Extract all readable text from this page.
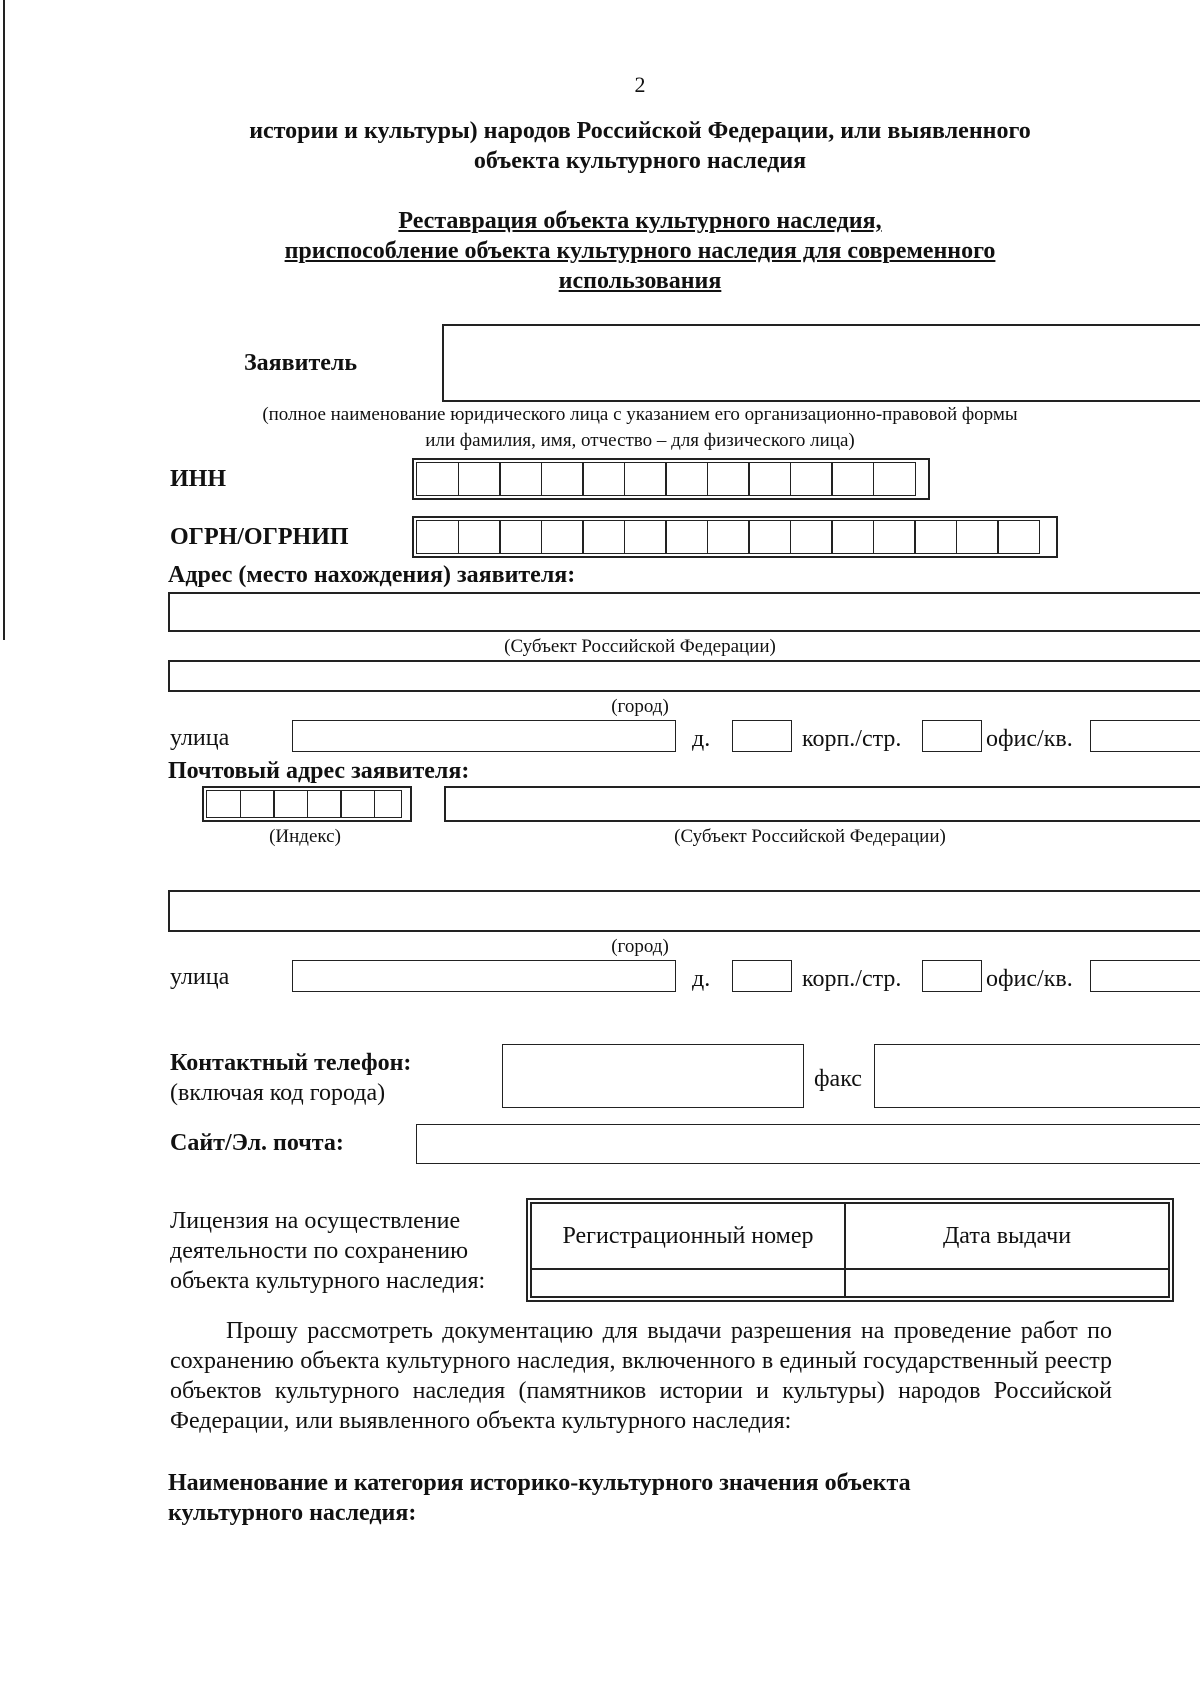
2
истории и культуры) народов Российской Федерации, или выявленного
объекта культурного наследия
Реставрация объекта культурного наследия,
приспособление объекта культурного наследия для современного
использования
Заявитель
(полное наименование юридического лица с указанием его организационно-правовой формы
или фамилия, имя, отчество – для физического лица)
ИНН
ОГРН/ОГРНИП
Адрес (место нахождения) заявителя:
(Субъект Российской Федерации)
(город)
улица	д.	корп./стр.	офис/кв.
Почтовый адрес заявителя:
(Индекс)	(Субъект Российской Федерации)
(город)
улица	д.	корп./стр.	офис/кв.
Контактный телефон:
(включая код города)
факс
Сайт/Эл. почта:
Лицензия на осуществление
деятельности по сохранению
объекта культурного наследия:
Регистрационный номер	Дата выдачи

Прошу рассмотреть документацию для выдачи разрешения на проведение работ по сохранению объекта культурного наследия, включенного в единый государственный реестр объектов культурного наследия (памятников истории и культуры) народов Российской Федерации, или выявленного объекта культурного наследия:
Наименование и категория историко-культурного значения объекта
культурного наследия:
